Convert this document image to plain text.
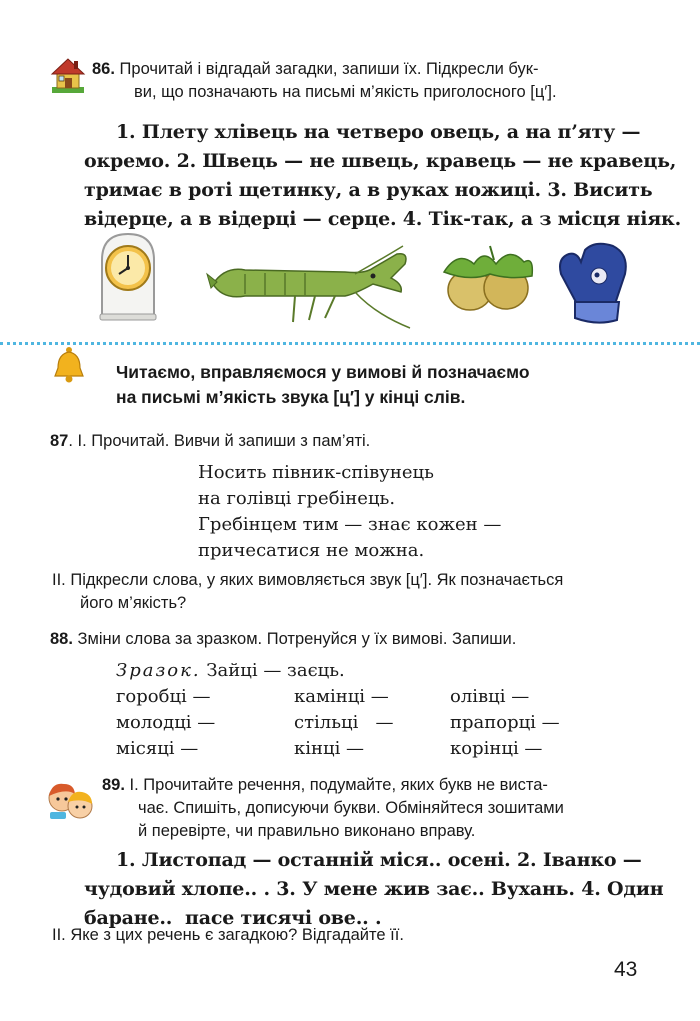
86. Прочитай і відгадай загадки, запиши їх. Підкресли бук-
ви, що позначають на письмі м’якість приголосного [ц′].
1. Плету хлівець на четверо овець, а на п’яту —
окремо. 2. Швець — не швець, кравець — не кравець,
тримає в роті щетинку, а в руках ножиці. 3. Висить
відерце, а в відерці — серце. 4. Тік-так, а з місця ніяк.
Читаємо, вправляємося у вимові й позначаємо
на письмі м’якість звука [ц′] у кінці слів.
87. І. Прочитай. Вивчи й запиши з пам’яті.
Носить півник-співунець
на голівці гребінець.
Гребінцем тим — знає кожен —
причесатися не можна.
ІІ. Підкресли слова, у яких вимовляється звук [ц′]. Як позначається
його м’якість?
88. Зміни слова за зразком. Потренуйся у їх вимові. Запиши.
Зразок. Зайці — заєць.
горобці —	камінці —	олівці —
молодці —	стільці   —	прапорці —
місяці —	кінці —	корінці —
89. І. Прочитайте речення, подумайте, яких букв не виста-
чає. Спишіть, дописуючи букви. Обміняйтеся зошитами
й перевірте, чи правильно виконано вправу.
1. Листопад — останній міся.. осені. 2. Іванко —
чудовий хлопе.. . 3. У мене жив зає.. Вухань. 4. Один
баране..  пасе тисячі ове.. .
ІІ. Яке з цих речень є загадкою? Відгадайте її.
43
